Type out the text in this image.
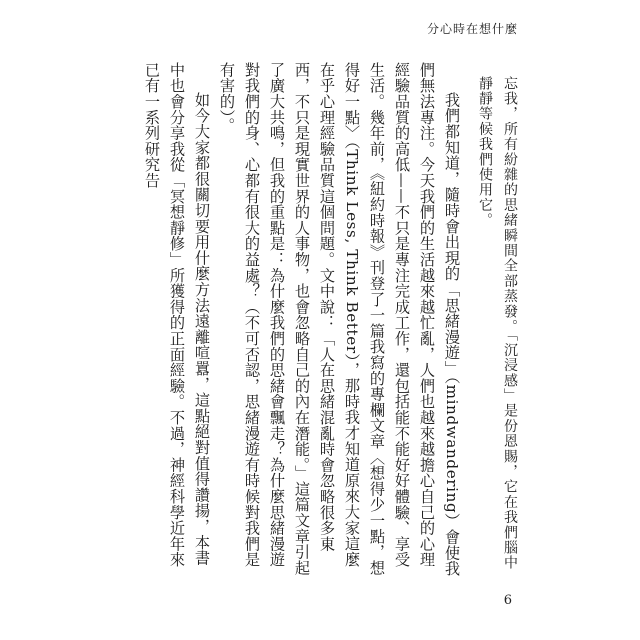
分心時在想什麼

忘我，所有紛雜的思緒瞬間全部蒸發。「沉浸感」是份恩賜，它在我們腦中靜靜等候我們使用它。

我們都知道，隨時會出現的「思緒漫遊」（mindwandering）會使我們無法專注。今天我們的生活越來越忙亂，人們也越來越擔心自己的心理經驗品質的高低——不只是專注完成工作，還包括能不能好好體驗、享受生活。幾年前，《紐約時報》刊登了一篇我寫的專欄文章〈想得少一點，想得好一點〉（Think Less, Think Better），那時我才知道原來大家這麼在乎心理經驗品質這個問題。文中說：「人在思緒混亂時會忽略很多東西，不只是現實世界的人事物，也會忽略自己的內在潛能。」這篇文章引起了廣大共鳴，但我的重點是：為什麼我們的思緒會飄走？為什麼思緒漫遊對我們的身、心都有很大的益處？（不可否認，思緒漫遊有時候對我們是有害的）。

如今大家都很關切要用什麼方法遠離喧囂，這點絕對值得讚揚，本書中也會分享我從「冥想靜修」所獲得的正面經驗。不過，神經科學近年來已有一系列研究告

6
